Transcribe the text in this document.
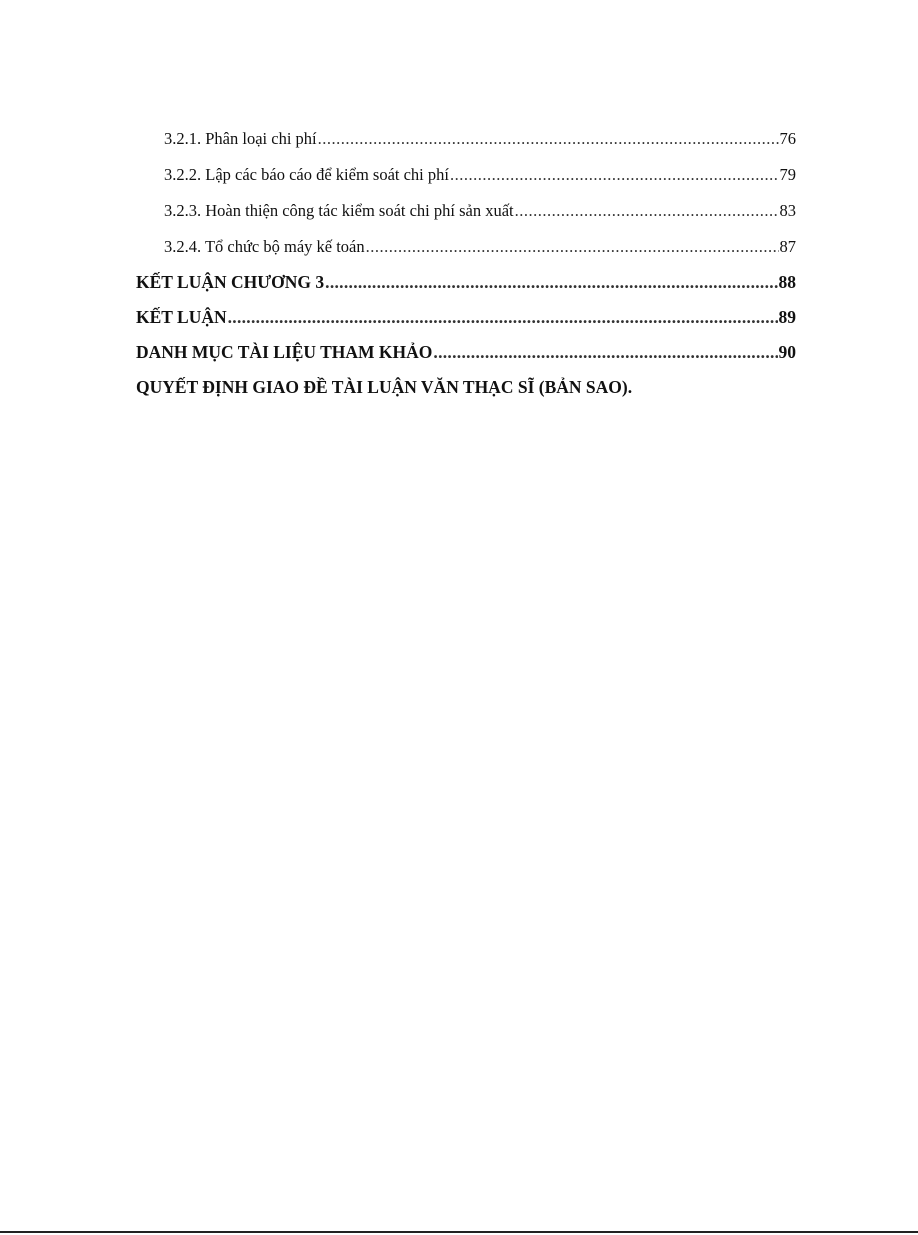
3.2.1. Phân loại chi phí .....	76
3.2.2. Lập các báo cáo để kiểm soát chi phí .....	79
3.2.3. Hoàn thiện công tác kiểm soát chi phí sản xuất .....	83
3.2.4. Tổ chức bộ máy kế toán .....	87
KẾT LUẬN CHƯƠNG 3 .....	88
KẾT LUẬN .....	89
DANH MỤC TÀI LIỆU THAM KHẢO .....	90
QUYẾT ĐỊNH GIAO ĐỀ TÀI LUẬN VĂN THẠC SĨ (BẢN SAO).
